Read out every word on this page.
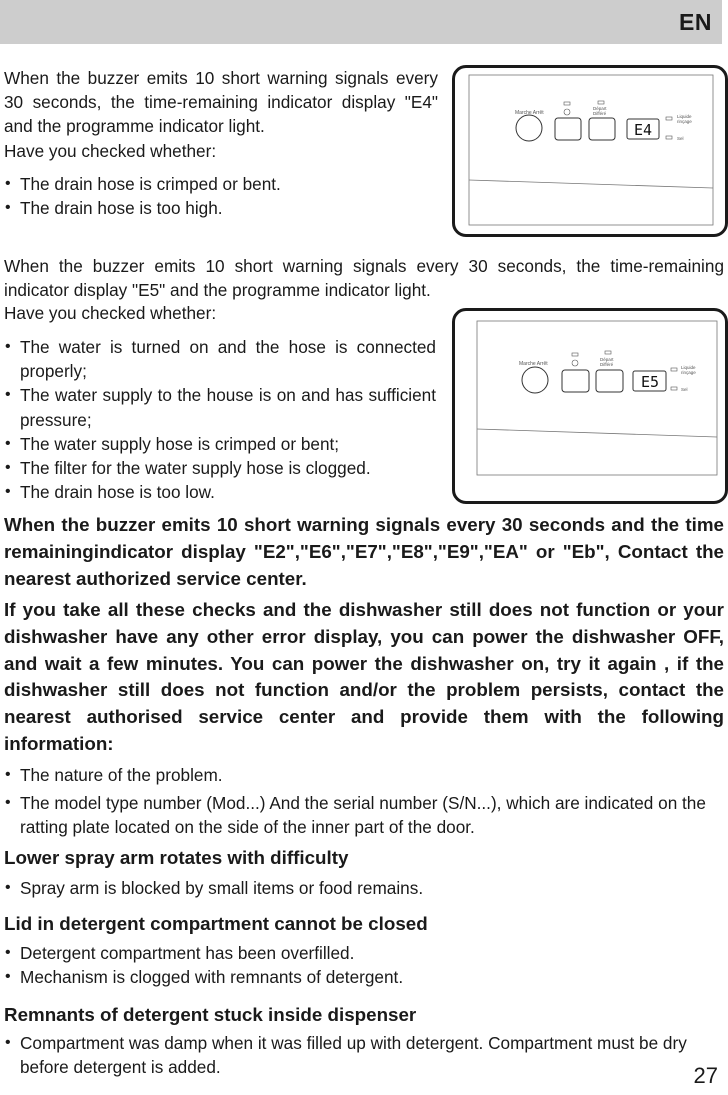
EN

When the buzzer emits 10 short warning signals every 30 seconds, the time-remaining indicator display "E4" and the programme indicator light.

Have you checked whether:

• The drain hose is crimped or bent.
• The drain hose is too high.
Marche Arrêt
Départ
Différé
E4
Liquide
rinçage
Sel

When the buzzer emits 10 short warning signals every 30 seconds, the time-remaining indicator display "E5" and the programme indicator light.

Have you checked whether:

• The water is turned on and the hose is connected properly;
• The water supply to the house is on and has sufficient pressure;
• The water supply hose is crimped or bent;
• The filter for the water supply hose is clogged.
• The drain hose is too low.
Marche Arrêt
Départ
Différé
E5
Liquide
rinçage
Sel

When the buzzer emits 10 short warning signals every 30 seconds and the time remainingindicator display "E2","E6","E7","E8","E9","EA" or "Eb", Contact the nearest authorized service center.

If you take all these checks and the dishwasher still does not function or your dishwasher have any other error display, you can power the dishwasher OFF, and wait a few minutes. You can power the dishwasher on, try it again , if the dishwasher still does not function and/or the problem persists, contact the nearest authorised service center and provide them with the following information:

• The nature of the problem.
• The model type number (Mod...) And the serial number (S/N...), which are indicated on the ratting plate located on the side of the inner part of the door.
Lower spray arm rotates with difficulty
• Spray arm is blocked by small items or food remains.
Lid in detergent compartment cannot be closed
• Detergent compartment has been overfilled.
• Mechanism is clogged with remnants of detergent.
Remnants of detergent stuck inside dispenser
• Compartment was damp when it was filled up with detergent. Compartment must be dry before detergent is added.	27
